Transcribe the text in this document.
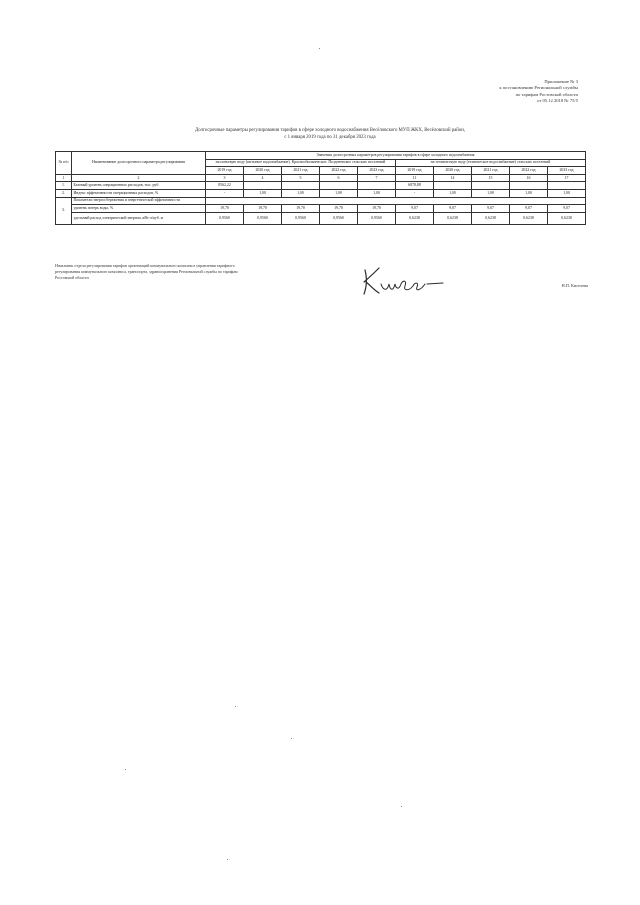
Приложение № 3
к постановлению Региональной службы
по тарифам Ростовской области
от 05.12.2018 № 75/5
Долгосрочные параметры регулирования тарифов в сфере холодного водоснабжения Весёловского МУП ЖКХ, Весёловский район,
с 1 января 2019 года по 31 декабря 2023 года
№ п/п	Наименование долгосрочного параметра регулирования	Значения долгосрочных параметров регулирования тарифов в сфере холодного водоснабжения									
		на питьевую воду (питьевое водоснабжение), Краснообильненское, Позднеевское сельских поселений					на техническую воду (техническое водоснабжение) сельских поселений				
		2019 год	2020 год	2021 год	2022 год	2023 год	2019 год	2020 год	2021 год	2022 год	2023 год
1	2	3	4	5	6	7	11	14	15	16	17
1.	Базовый уровень операционных расходов, тыс. руб.	8562,22					6878,88				
2.	Индекс эффективности операционных расходов, %	-	1,00	1,00	1,00	1,00	-	1,00	1,00	1,00	1,00
3.	Показатели энергосбережения и энергетической эффективности										
	уровень потерь воды, %	19,70	19,70	19,70	19,70	19,70	9,07	9,07	9,07	9,07	9,07
	удельный расход электрической энергии, кВт·ч/куб. м	0,9560	0,9560	0,9560	0,9560	0,9560	0,6238	0,6238	0,6238	0,6238	0,6238
Начальник отдела регулирования тарифов организаций коммунального комплекса управления тарифного регулирования коммунального комплекса, транспорта, здравоохранения Региональной службы по тарифам Ростовской области
Н.П. Киселева
